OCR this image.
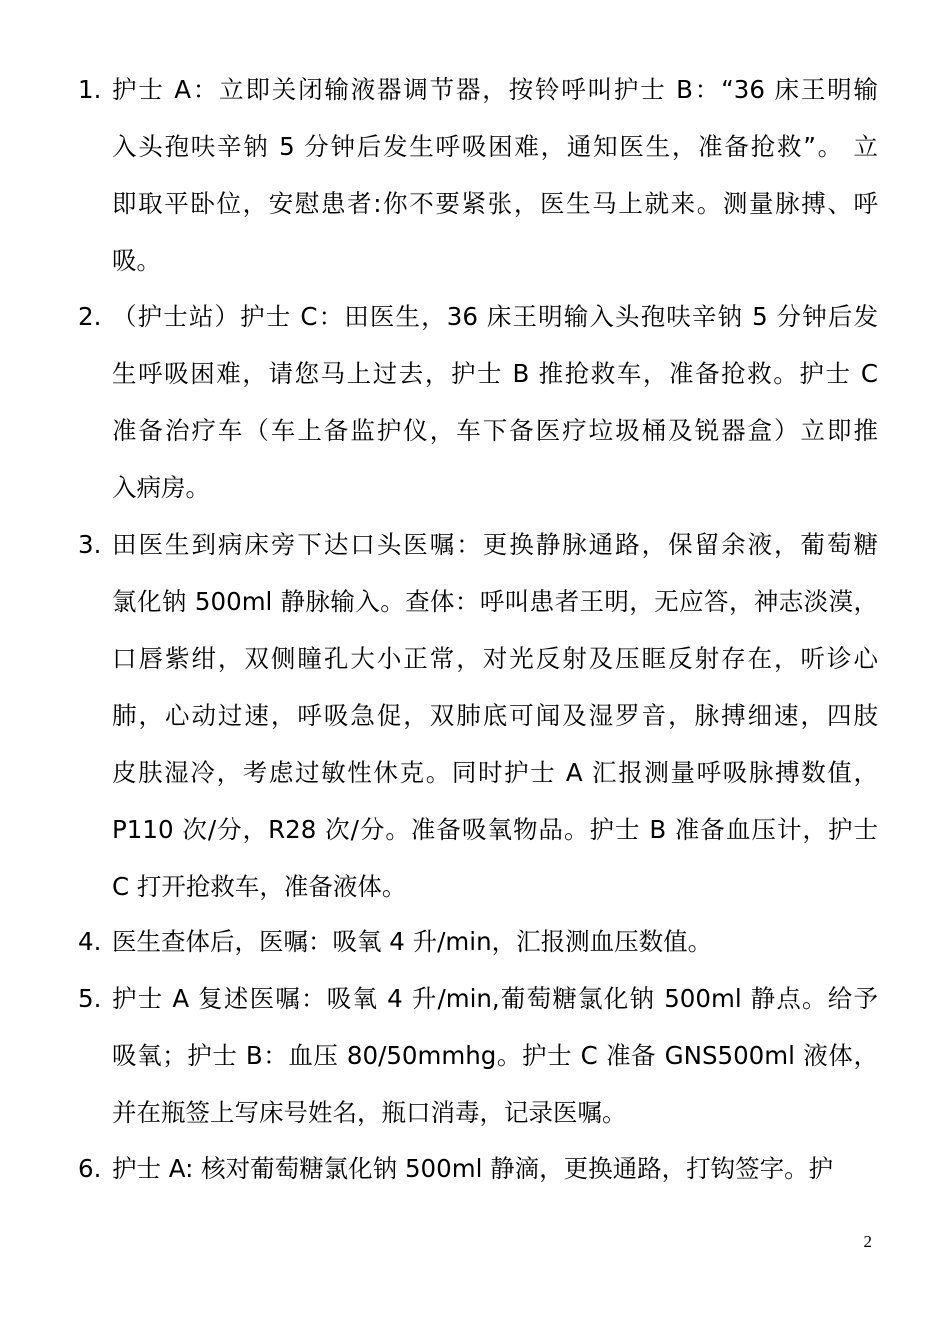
1. 护士 A：立即关闭输液器调节器，按铃呼叫护士 B：“36 床王明输
入头孢呋辛钠 5 分钟后发生呼吸困难，通知医生，准备抢救”。 立
即取平卧位，安慰患者:你不要紧张，医生马上就来。测量脉搏、呼
吸。
2. （护士站）护士 C：田医生，36 床王明输入头孢呋辛钠 5 分钟后发
生呼吸困难，请您马上过去，护士 B 推抢救车，准备抢救。护士 C
准备治疗车（车上备监护仪，车下备医疗垃圾桶及锐器盒）立即推
入病房。
3. 田医生到病床旁下达口头医嘱：更换静脉通路，保留余液，葡萄糖
氯化钠 500ml 静脉输入。查体：呼叫患者王明，无应答，神志淡漠，
口唇紫绀，双侧瞳孔大小正常，对光反射及压眶反射存在，听诊心
肺，心动过速，呼吸急促，双肺底可闻及湿罗音，脉搏细速，四肢
皮肤湿冷，考虑过敏性休克。同时护士 A 汇报测量呼吸脉搏数值，
P110 次/分，R28 次/分。准备吸氧物品。护士 B 准备血压计，护士
C 打开抢救车，准备液体。
4. 医生查体后，医嘱：吸氧 4 升/min，汇报测血压数值。
5. 护士 A 复述医嘱：吸氧 4 升/min,葡萄糖氯化钠 500ml 静点。给予
吸氧；护士 B：血压 80/50mmhg。护士 C 准备 GNS500ml 液体，
并在瓶签上写床号姓名，瓶口消毒，记录医嘱。
6. 护士 A: 核对葡萄糖氯化钠 500ml 静滴，更换通路，打钩签字。护
2
